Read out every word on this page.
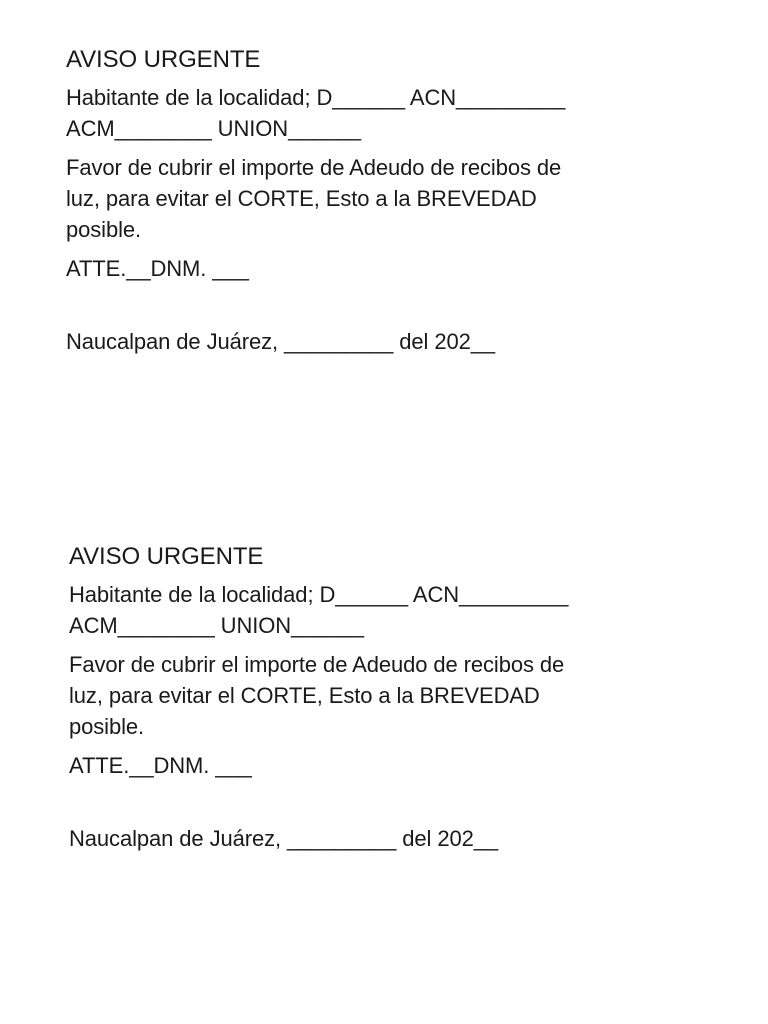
AVISO URGENTE
Habitante de la localidad; D______ ACN_________
ACM________ UNION______
Favor de cubrir el importe de Adeudo de recibos de
luz, para evitar el CORTE, Esto a la BREVEDAD
posible.
ATTE.__DNM. ___
Naucalpan de Juárez, _________ del 202__
AVISO URGENTE
Habitante de la localidad; D______ ACN_________
ACM________ UNION______
Favor de cubrir el importe de Adeudo de recibos de
luz, para evitar el CORTE, Esto a la BREVEDAD
posible.
ATTE.__DNM. ___
Naucalpan de Juárez, _________ del 202__
